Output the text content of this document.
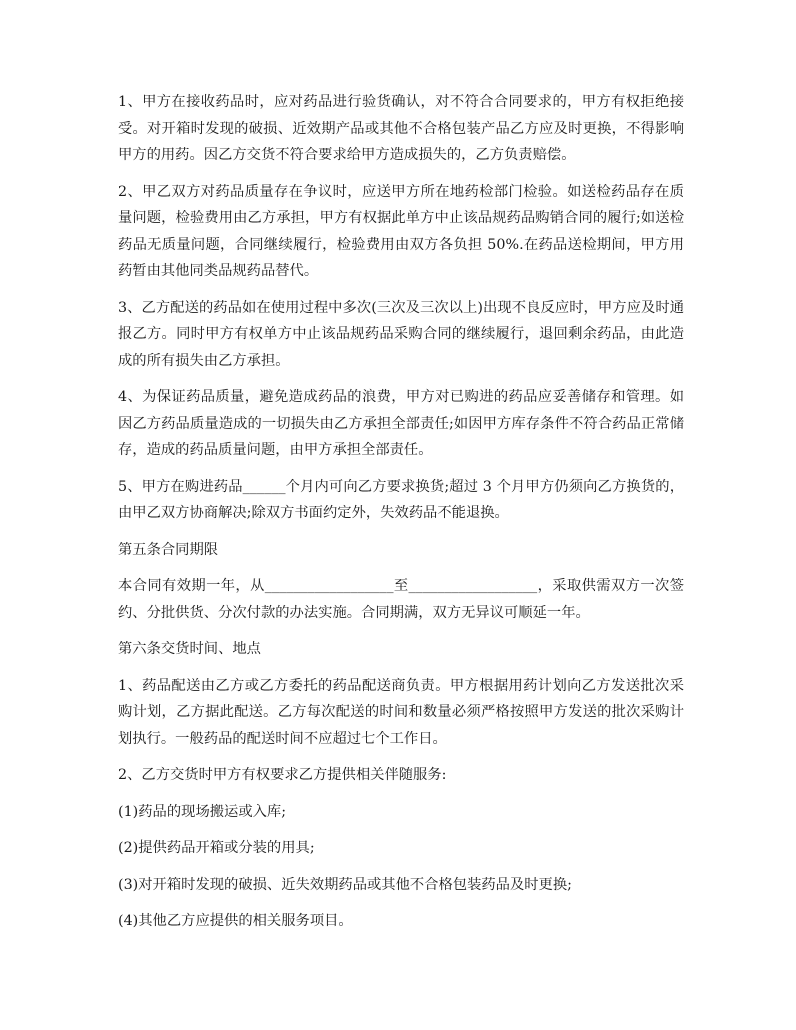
1、甲方在接收药品时，应对药品进行验货确认，对不符合合同要求的，甲方有权拒绝接受。对开箱时发现的破损、近效期产品或其他不合格包装产品乙方应及时更换，不得影响甲方的用药。因乙方交货不符合要求给甲方造成损失的，乙方负责赔偿。

2、甲乙双方对药品质量存在争议时，应送甲方所在地药检部门检验。如送检药品存在质量问题，检验费用由乙方承担，甲方有权据此单方中止该品规药品购销合同的履行;如送检药品无质量问题，合同继续履行，检验费用由双方各负担 50%.在药品送检期间，甲方用药暂由其他同类品规药品替代。

3、乙方配送的药品如在使用过程中多次(三次及三次以上)出现不良反应时，甲方应及时通报乙方。同时甲方有权单方中止该品规药品采购合同的继续履行，退回剩余药品，由此造成的所有损失由乙方承担。

4、为保证药品质量，避免造成药品的浪费，甲方对已购进的药品应妥善储存和管理。如因乙方药品质量造成的一切损失由乙方承担全部责任;如因甲方库存条件不符合药品正常储存，造成的药品质量问题，由甲方承担全部责任。

5、甲方在购进药品______个月内可向乙方要求换货;超过 3 个月甲方仍须向乙方换货的，由甲乙双方协商解决;除双方书面约定外，失效药品不能退换。

第五条合同期限

本合同有效期一年，从__________________至__________________，采取供需双方一次签约、分批供货、分次付款的办法实施。合同期满，双方无异议可顺延一年。

第六条交货时间、地点

1、药品配送由乙方或乙方委托的药品配送商负责。甲方根据用药计划向乙方发送批次采购计划，乙方据此配送。乙方每次配送的时间和数量必须严格按照甲方发送的批次采购计划执行。一般药品的配送时间不应超过七个工作日。

2、乙方交货时甲方有权要求乙方提供相关伴随服务:

(1)药品的现场搬运或入库;

(2)提供药品开箱或分装的用具;

(3)对开箱时发现的破损、近失效期药品或其他不合格包装药品及时更换;

(4)其他乙方应提供的相关服务项目。
